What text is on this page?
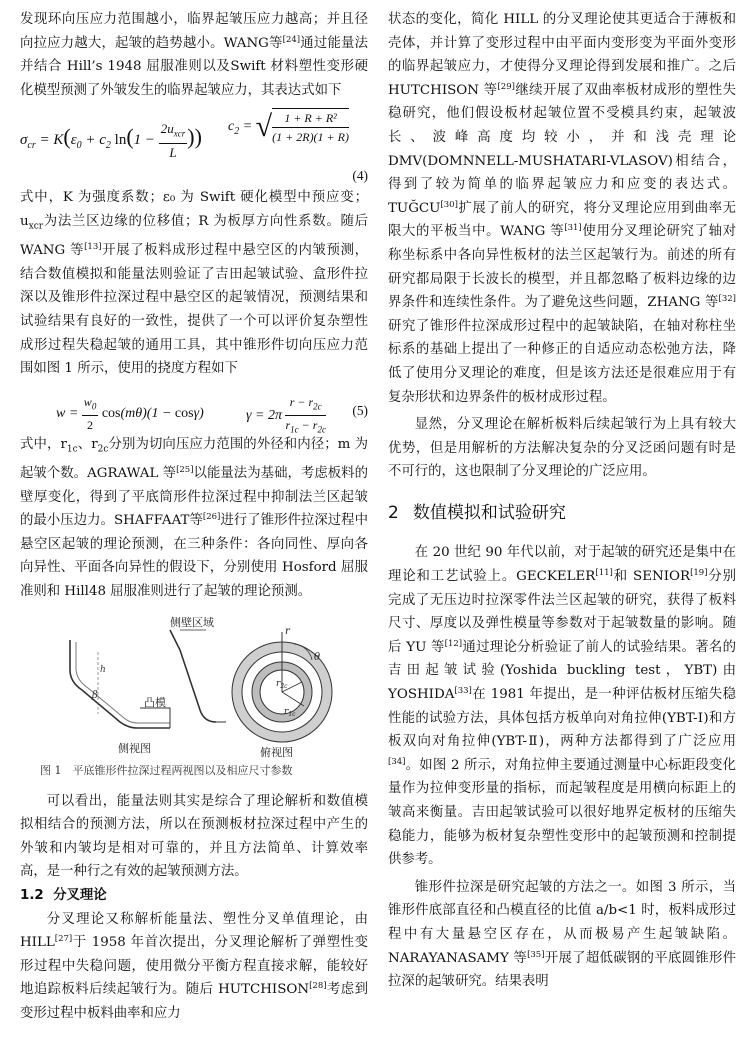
发现环向压应力范围越小，临界起皱压应力越高；并且径向拉应力越大，起皱的趋势越小。WANG等[24]通过能量法并结合 Hill’s 1948 屈服准则以及Swift 材料塑性变形硬化模型预测了外皱发生的临界起皱应力，其表达式如下

$\sigma_{cr} = K(\varepsilon_0 + c_2$ $\ln(1 - \frac{2u_{xcr}}{L}$ )) $c_2$ = √ $\frac{\text{1 + R + R²}}{(1 + 2R)(1 + R)}$
(4)

式中，K 为强度系数；ε₀ 为 Swift 硬化模型中预应变；$u_{xcr}$为法兰区边缘的位移值；R 为板厚方向性系数。随后 WANG 等[13]开展了板料成形过程中悬空区的内皱预测，结合数值模拟和能量法则验证了吉田起皱试验、盒形件拉深以及锥形件拉深过程中悬空区的起皱情况，预测结果和试验结果有良好的一致性，提供了一个可以评价复杂塑性成形过程失稳起皱的通用工具，其中锥形件切向压应力范围如图 1 所示，使用的挠度方程如下

$w = \frac{w_0}{2} \cos(m\theta)(1 - \cos\gamma)$	$\gamma = 2\pi \frac{r - r_{2c}}{r_{1c} - r_{2c}} (5)$

式中，$r_{1c}$、$r_{2c}$分别为切向压应力范围的外径和内径；m 为起皱个数。AGRAWAL 等[25]以能量法为基础，考虑板料的壁厚变化，得到了平底筒形件拉深过程中抑制法兰区起皱的最小压边力。SHAFFAAT等[26]进行了锥形件拉深过程中悬空区起皱的理论预测，在三种条件：各向同性、厚向各向异性、平面各向异性的假设下，分别使用 Hosford 屈服准则和 Hill48 屈服准则进行了起皱的理论预测。

h
β
凸模
侧壁区域
侧视图
r
θ
$r_{2c}$
$r_{1c}$
俯视图
图 1　平底锥形件拉深过程两视图以及相应尺寸参数

可以看出，能量法则其实是综合了理论解析和数值模拟相结合的预测方法，所以在预测板材拉深过程中产生的外皱和内皱均是相对可靠的，并且方法简单、计算效率高，是一种行之有效的起皱预测方法。

1.2 分叉理论

分叉理论又称解析能量法、塑性分叉单值理论，由 HILL[27]于 1958 年首次提出，分叉理论解析了弹塑性变形过程中失稳问题，使用微分平衡方程直接求解，能较好地追踪板料后续起皱行为。随后 HUTCHISON[28]考虑到变形过程中板料曲率和应力

状态的变化，简化 HILL 的分叉理论使其更适合于薄板和壳体，并计算了变形过程中由平面内变形变为平面外变形的临界起皱应力，才使得分叉理论得到发展和推广。之后 HUTCHISON 等[29]继续开展了双曲率板材成形的塑性失稳研究，他们假设板材起皱位置不受模具约束，起皱波长、波峰高度均较小，并和浅壳理论 DMV(DOMNNELL-MUSHATARI-VLASOV)相结合，得到了较为简单的临界起皱应力和应变的表达式。TUĞCU[30]扩展了前人的研究，将分叉理论应用到曲率无限大的平板当中。WANG 等[31]使用分叉理论研究了轴对称坐标系中各向异性板材的法兰区起皱行为。前述的所有研究都局限于长波长的模型，并且都忽略了板料边缘的边界条件和连续性条件。为了避免这些问题，ZHANG 等[32]研究了锥形件拉深成形过程中的起皱缺陷，在轴对称柱坐标系的基础上提出了一种修正的自适应动态松弛方法，降低了使用分叉理论的难度，但是该方法还是很难应用于有复杂形状和边界条件的板材成形过程。

显然，分叉理论在解析板料后续起皱行为上具有较大优势，但是用解析的方法解决复杂的分叉泛函问题有时是不可行的，这也限制了分叉理论的广泛应用。

2 数值模拟和试验研究

在 20 世纪 90 年代以前，对于起皱的研究还是集中在理论和工艺试验上。GECKELER[11]和 SENIOR[19]分别完成了无压边时拉深零件法兰区起皱的研究，获得了板料尺寸、厚度以及弹性模量等参数对于起皱数量的影响。随后 YU 等[12]通过理论分析验证了前人的试验结果。著名的吉田起皱试验(Yoshida buckling test，YBT)由 YOSHIDA[33]在 1981 年提出，是一种评估板材压缩失稳性能的试验方法，具体包括方板单向对角拉伸(YBT-Ⅰ)和方板双向对角拉伸(YBT-Ⅱ)，两种方法都得到了广泛应用[34]。如图 2 所示，对角拉伸主要通过测量中心标距段变化量作为拉伸变形量的指标，而起皱程度是用横向标距上的皱高来衡量。吉田起皱试验可以很好地界定板材的压缩失稳能力，能够为板材复杂塑性变形中的起皱预测和控制提供参考。

锥形件拉深是研究起皱的方法之一。如图 3 所示，当锥形件底部直径和凸模直径的比值 a/b<1 时，板料成形过程中有大量悬空区存在，从而极易产生起皱缺陷。NARAYANASAMY 等[35]开展了超低碳钢的平底圆锥形件拉深的起皱研究。结果表明
